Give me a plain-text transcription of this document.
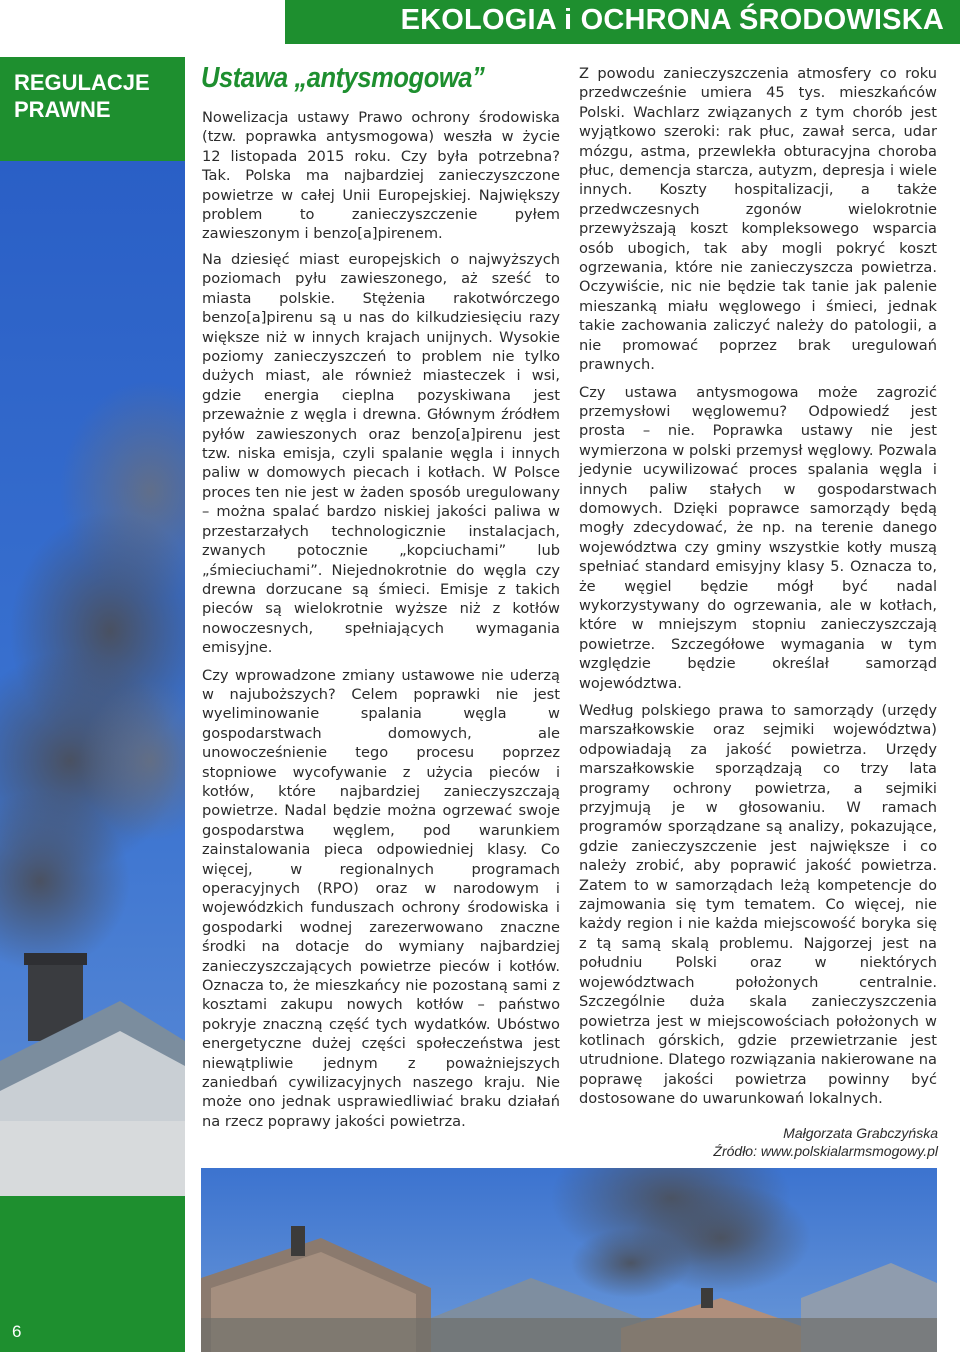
EKOLOGIA i OCHRONA ŚRODOWISKA
REGULACJE
PRAWNE
6
Ustawa „antysmogowa”
Nowelizacja ustawy Prawo ochrony środowiska (tzw. poprawka antysmogowa) weszła w życie 12 listopada 2015 roku. Czy była potrzebna? Tak. Polska ma najbardziej zanieczyszczone powietrze w całej Unii Europejskiej. Największy problem to zanieczyszczenie pyłem zawieszonym i benzo[a]pirenem.

Na dziesięć miast europejskich o najwyższych poziomach pyłu zawieszonego, aż sześć to miasta polskie. Stężenia rakotwórczego benzo[a]pirenu są u nas do kilkudziesięciu razy większe niż w innych krajach unijnych. Wysokie poziomy zanieczyszczeń to problem nie tylko dużych miast, ale również miasteczek i wsi, gdzie energia cieplna pozyskiwana jest przeważnie z węgla i drewna. Głównym źródłem pyłów zawieszonych oraz benzo[a]pirenu jest tzw. niska emisja, czyli spalanie węgla i innych paliw w domowych piecach i kotłach. W Polsce proces ten nie jest w żaden sposób uregulowany – można spalać bardzo niskiej jakości paliwa w przestarzałych technologicznie instalacjach, zwanych potocznie „kopciuchami” lub „śmieciuchami”. Niejednokrotnie do węgla czy drewna dorzucane są śmieci. Emisje z takich pieców są wielokrotnie wyższe niż z kotłów nowoczesnych, spełniających wymagania emisyjne.

Czy wprowadzone zmiany ustawowe nie uderzą w najuboższych? Celem poprawki nie jest wyeliminowanie spalania węgla w gospodarstwach domowych, ale unowocześnienie tego procesu poprzez stopniowe wycofywanie z użycia pieców i kotłów, które najbardziej zanieczyszczają powietrze. Nadal będzie można ogrzewać swoje gospodarstwa węglem, pod warunkiem zainstalowania pieca odpowiedniej klasy. Co więcej, w regionalnych programach operacyjnych (RPO) oraz w narodowym i wojewódzkich funduszach ochrony środowiska i gospodarki wodnej zarezerwowano znaczne środki na dotacje do wymiany najbardziej zanieczyszczających powietrze pieców i kotłów. Oznacza to, że mieszkańcy nie pozostaną sami z kosztami zakupu nowych kotłów – państwo pokryje znaczną część tych wydatków. Ubóstwo energetyczne dużej części społeczeństwa jest niewątpliwie jednym z poważniejszych zaniedbań cywilizacyjnych naszego kraju. Nie może ono jednak usprawiedliwiać braku działań na rzecz poprawy jakości powietrza.

Z powodu zanieczyszczenia atmosfery co roku przedwcześnie umiera 45 tys. mieszkańców Polski. Wachlarz związanych z tym chorób jest wyjątkowo szeroki: rak płuc, zawał serca, udar mózgu, astma, przewlekła obturacyjna choroba płuc, demencja starcza, autyzm, depresja i wiele innych. Koszty hospitalizacji, a także przedwczesnych zgonów wielokrotnie przewyższają koszt kompleksowego wsparcia osób ubogich, tak aby mogli pokryć koszt ogrzewania, które nie zanieczyszcza powietrza. Oczywiście, nic nie będzie tak tanie jak palenie mieszanką miału węglowego i śmieci, jednak takie zachowania zaliczyć należy do patologii, a nie promować poprzez brak uregulowań prawnych.

Czy ustawa antysmogowa może zagrozić przemysłowi węglowemu? Odpowiedź jest prosta – nie. Poprawka ustawy nie jest wymierzona w polski przemysł węglowy. Pozwala jedynie ucywilizować proces spalania węgla i innych paliw stałych w gospodarstwach domowych. Dzięki poprawce samorządy będą mogły zdecydować, że np. na terenie danego województwa czy gminy wszystkie kotły muszą spełniać standard emisyjny klasy 5. Oznacza to, że węgiel będzie mógł być nadal wykorzystywany do ogrzewania, ale w kotłach, które w mniejszym stopniu zanieczyszczają powietrze. Szczegółowe wymagania w tym względzie będzie określał samorząd województwa.

Według polskiego prawa to samorządy (urzędy marszałkowskie oraz sejmiki województwa) odpowiadają za jakość powietrza. Urzędy marszałkowskie sporządzają co trzy lata programy ochrony powietrza, a sejmiki przyjmują je w głosowaniu. W ramach programów sporządzane są analizy, pokazujące, gdzie zanieczyszczenie jest największe i co należy zrobić, aby poprawić jakość powietrza. Zatem to w samorządach leżą kompetencje do zajmowania się tym tematem. Co więcej, nie każdy region i nie każda miejscowość boryka się z tą samą skalą problemu. Najgorzej jest na południu Polski oraz w niektórych województwach położonych centralnie. Szczególnie duża skala zanieczyszczenia powietrza jest w miejscowościach położonych w kotlinach górskich, gdzie przewietrzanie jest utrudnione. Dlatego rozwiązania nakierowane na poprawę jakości powietrza powinny być dostosowane do uwarunkowań lokalnych.

Małgorzata Grabczyńska
Źródło: www.polskialarmsmogowy.pl
